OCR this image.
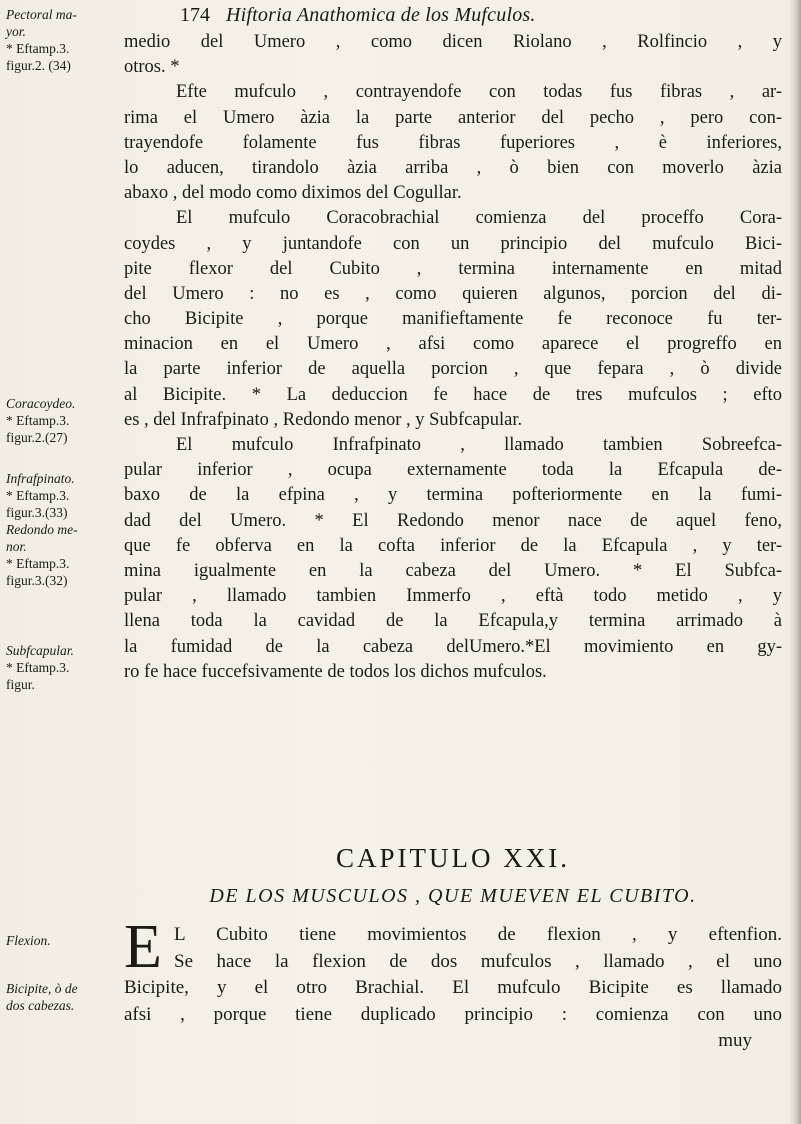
174 Hiftoria Anathomica de los Mufculos.
Pectoral ma-
yor.
* Eftamp.3.
figur.2. (34)
Coracoydeo.
* Eftamp.3.
figur.2.(27)
Infrafpinato.
* Eftamp.3.
figur.3.(33)
Redondo me-
nor.
* Eftamp.3.
figur.3.(32)
Subfcapular.
* Eftamp.3.
figur.
Flexion.
Bicipite, ò de
dos cabezas.
medio del Umero , como dicen Riolano , Rolfincio , y
otros. *
Efte mufculo , contrayendofe con todas fus fibras , ar-
rima el Umero àzia la parte anterior del pecho , pero con-
trayendofe folamente fus fibras fuperiores , è inferiores,
lo aducen, tirandolo àzia arriba , ò bien con moverlo àzia
abaxo , del modo como diximos del Cogullar.
El mufculo Coracobrachial comienza del proceffo Cora-
coydes , y juntandofe con un principio del mufculo Bici-
pite flexor del Cubito , termina internamente en mitad
del Umero : no es , como quieren algunos, porcion del di-
cho Bicipite , porque manifieftamente fe reconoce fu ter-
minacion en el Umero , afsi como aparece el progreffo en
la parte inferior de aquella porcion , que fepara , ò divide
al Bicipite. * La deduccion fe hace de tres mufculos ; efto
es , del Infrafpinato , Redondo menor , y Subfcapular.
El mufculo Infrafpinato , llamado tambien Sobreefca-
pular inferior , ocupa externamente toda la Efcapula de-
baxo de la efpina , y termina pofteriormente en la fumi-
dad del Umero. * El Redondo menor nace de aquel feno,
que fe obferva en la cofta inferior de la Efcapula , y ter-
mina igualmente en la cabeza del Umero. * El Subfca-
pular , llamado tambien Immerfo , eftà todo metido , y
llena toda la cavidad de la Efcapula,y termina arrimado à
la fumidad de la cabeza delUmero.*El movimiento en gy-
ro fe hace fuccefsivamente de todos los dichos mufculos.
CAPITULO XXI.
DE LOS MUSCULOS , QUE MUEVEN EL CUBITO.
E L Cubito tiene movimientos de flexion , y eftenfion.
Se hace la flexion de dos mufculos , llamado , el uno
Bicipite, y el otro Brachial. El mufculo Bicipite es llamado
afsi , porque tiene duplicado principio : comienza con uno
muy
